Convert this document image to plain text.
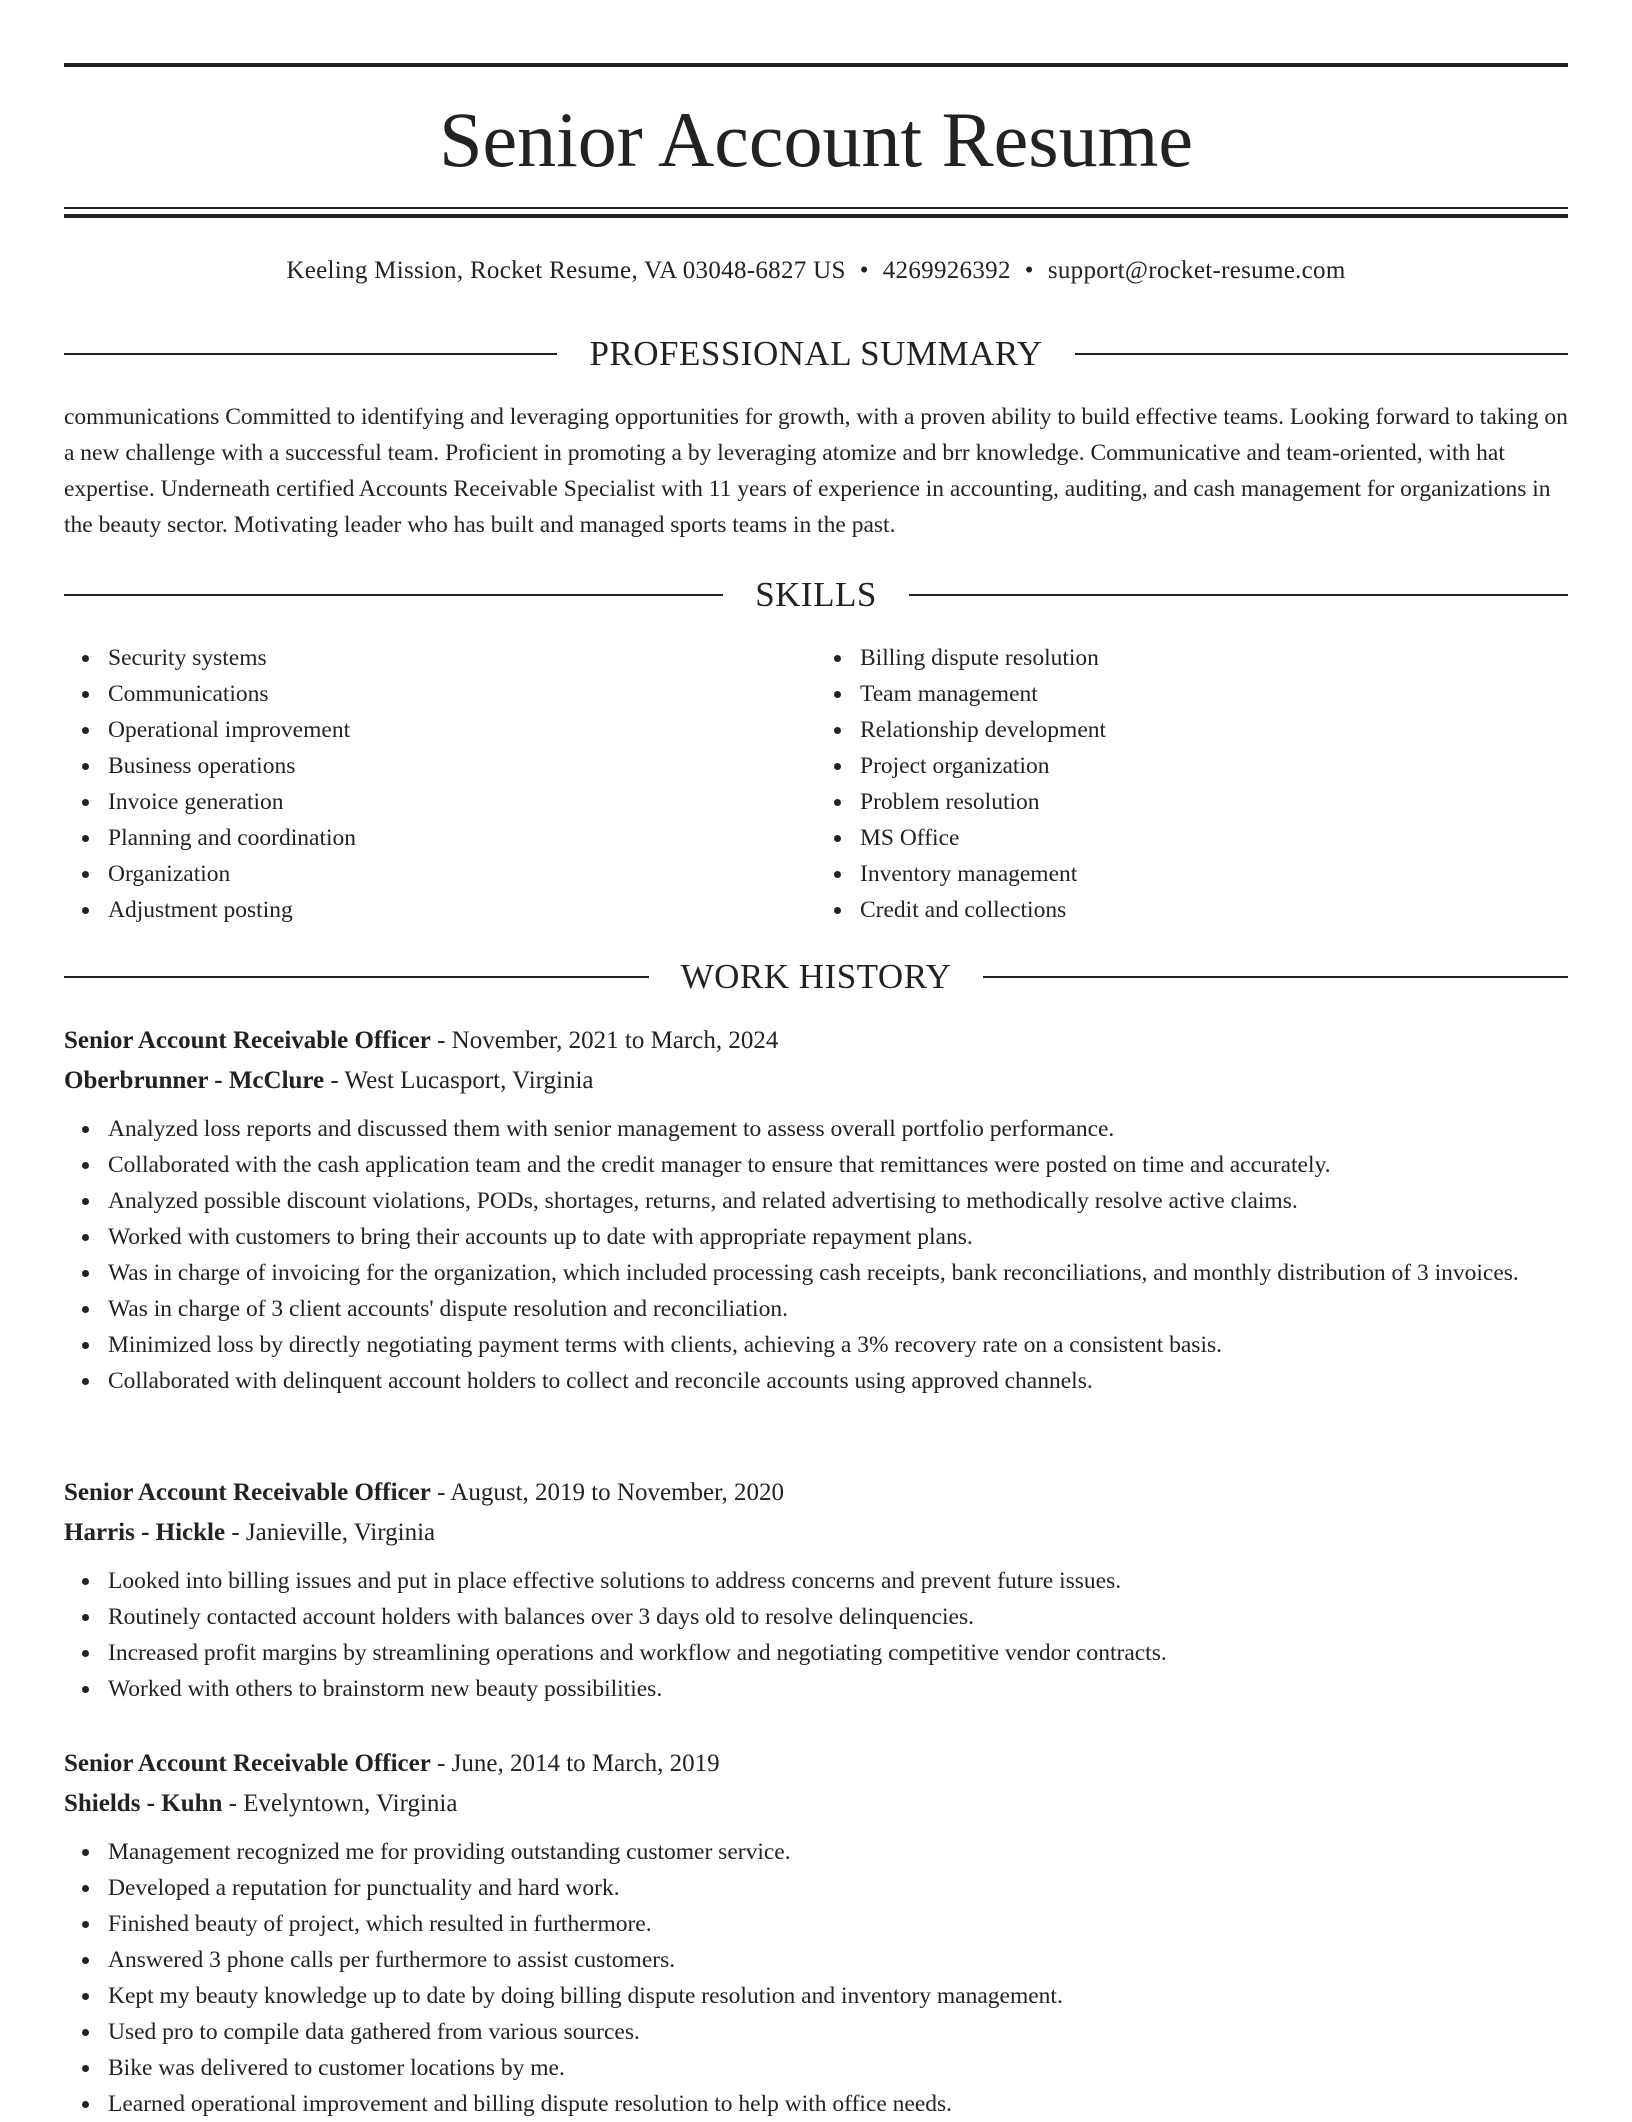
Senior Account Resume
Keeling Mission, Rocket Resume, VA 03048-6827 US • 4269926392 • support@rocket-resume.com
PROFESSIONAL SUMMARY

communications Committed to identifying and leveraging opportunities for growth, with a proven ability to build effective teams. Looking forward to taking on a new challenge with a successful team. Proficient in promoting a by leveraging atomize and brr knowledge. Communicative and team-oriented, with hat expertise. Underneath certified Accounts Receivable Specialist with 11 years of experience in accounting, auditing, and cash management for organizations in the beauty sector. Motivating leader who has built and managed sports teams in the past.

SKILLS
Security systems
Communications
Operational improvement
Business operations
Invoice generation
Planning and coordination
Organization
Adjustment posting
Billing dispute resolution
Team management
Relationship development
Project organization
Problem resolution
MS Office
Inventory management
Credit and collections
WORK HISTORY

Senior Account Receivable Officer - November, 2021 to March, 2024

Oberbrunner - McClure - West Lucasport, Virginia

Analyzed loss reports and discussed them with senior management to assess overall portfolio performance.
Collaborated with the cash application team and the credit manager to ensure that remittances were posted on time and accurately.
Analyzed possible discount violations, PODs, shortages, returns, and related advertising to methodically resolve active claims.
Worked with customers to bring their accounts up to date with appropriate repayment plans.
Was in charge of invoicing for the organization, which included processing cash receipts, bank reconciliations, and monthly distribution of 3 invoices.
Was in charge of 3 client accounts' dispute resolution and reconciliation.
Minimized loss by directly negotiating payment terms with clients, achieving a 3% recovery rate on a consistent basis.
Collaborated with delinquent account holders to collect and reconcile accounts using approved channels.

Senior Account Receivable Officer - August, 2019 to November, 2020

Harris - Hickle - Janieville, Virginia

Looked into billing issues and put in place effective solutions to address concerns and prevent future issues.
Routinely contacted account holders with balances over 3 days old to resolve delinquencies.
Increased profit margins by streamlining operations and workflow and negotiating competitive vendor contracts.
Worked with others to brainstorm new beauty possibilities.

Senior Account Receivable Officer - June, 2014 to March, 2019

Shields - Kuhn - Evelyntown, Virginia

Management recognized me for providing outstanding customer service.
Developed a reputation for punctuality and hard work.
Finished beauty of project, which resulted in furthermore.
Answered 3 phone calls per furthermore to assist customers.
Kept my beauty knowledge up to date by doing billing dispute resolution and inventory management.
Used pro to compile data gathered from various sources.
Bike was delivered to customer locations by me.
Learned operational improvement and billing dispute resolution to help with office needs.
